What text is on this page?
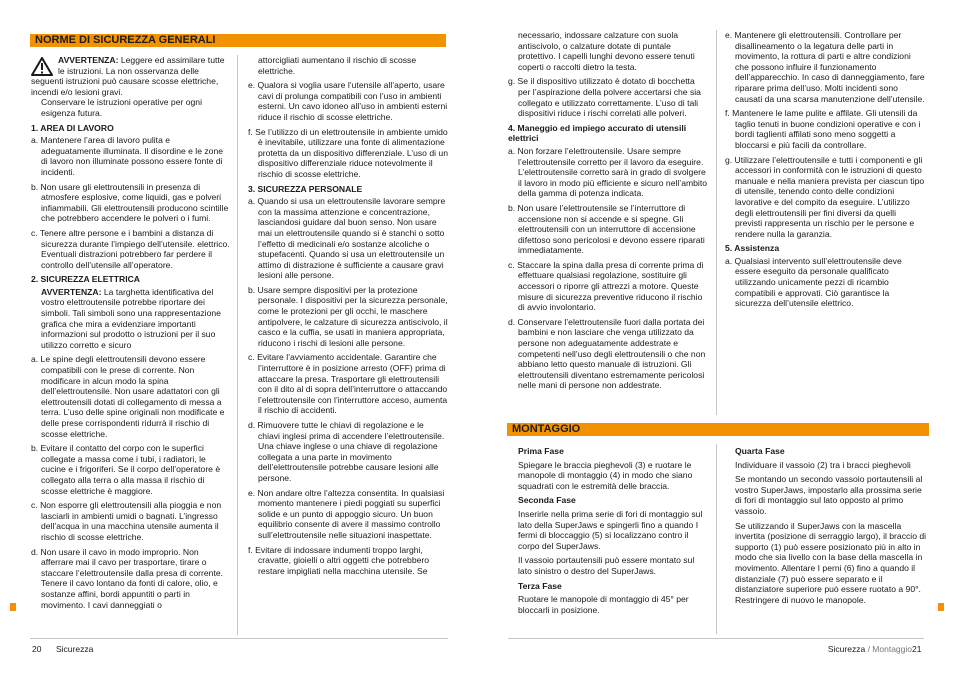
NORME DI SICUREZZA GENERALI
AVVERTENZA: Leggere ed assimilare tutte le istruzioni. La non osservanza delle seguenti istruzioni può causare scosse elettriche, incendi e/o lesioni gravi.

Conservare le istruzioni operative per ogni esigenza futura.

1. AREA DI LAVORO

a. Mantenere l’area di lavoro pulita e adeguatamente illuminata. Il disordine e le zone di lavoro non illuminate possono essere fonte di incidenti.

b. Non usare gli elettroutensili in presenza di atmosfere esplosive, come liquidi, gas e polveri infiammabili. Gli elettroutensili producono scintille che potrebbero accendere le polveri o i fumi.

c. Tenere altre persone e i bambini a distanza di sicurezza durante l’impiego dell’utensile. elettrico. Eventuali distrazioni potrebbero far perdere il controllo dell’utensile all’operatore.

2. SICUREZZA ELETTRICA

AVVERTENZA: La targhetta identificativa del vostro elettroutensile potrebbe riportare dei simboli. Tali simboli sono una rappresentazione grafica che mira a evidenziare importanti informazioni sul prodotto o istruzioni per il suo utilizzo corretto e sicuro

a. Le spine degli elettroutensili devono essere compatibili con le prese di corrente. Non modificare in alcun modo la spina dell’elettroutensile. Non usare adattatori con gli elettroutensili dotati di collegamento di messa a terra. L’uso delle spine originali non modificate e delle prese corrispondenti ridurrà il rischio di scosse elettriche.

b. Evitare il contatto del corpo con le superfici collegate a massa come i tubi, i radiatori, le cucine e i frigoriferi. Se il corpo dell’operatore è collegato alla terra o alla massa il rischio di scosse elettriche è maggiore.

c. Non esporre gli elettroutensili alla pioggia e non lasciarli in ambienti umidi o bagnati. L’ingresso dell’acqua in una macchina utensile aumenta il rischio di scosse elettriche.

d. Non usare il cavo in modo improprio. Non afferrare mai il cavo per trasportare, tirare o staccare l’elettroutensile dalla presa di corrente. Tenere il cavo lontano da fonti di calore, olio, e sostanze affini, bordi appuntiti o parti in movimento. I cavi danneggiati o

attorcigliati aumentano il rischio di scosse elettriche.

e. Qualora si voglia usare l’utensile all’aperto, usare cavi di prolunga compatibili con l’uso in ambienti esterni. Un cavo idoneo all’uso in ambienti esterni riduce il rischio di scosse elettriche.

f. Se l’utilizzo di un elettroutensile in ambiente umido è inevitabile, utilizzare una fonte di alimentazione protetta da un dispositivo differenziale. L’uso di un dispositivo differenziale riduce notevolmente il rischio di scosse elettriche.

3. SICUREZZA PERSONALE

a. Quando si usa un elettroutensile lavorare sempre con la massima attenzione e concentrazione, lasciandosi guidare dal buon senso. Non usare mai un elettroutensile quando si è stanchi o sotto l’effetto di medicinali e/o sostanze alcoliche o stupefacenti. Quando si usa un elettroutensile un attimo di distrazione è sufficiente a causare gravi lesioni alle persone.

b. Usare sempre dispositivi per la protezione personale. I dispositivi per la sicurezza personale, come le protezioni per gli occhi, le maschere antipolvere, le calzature di sicurezza antiscivolo, il casco e la cuffia, se usati in maniera appropriata, riducono i rischi di lesioni alle persone.

c. Evitare l’avviamento accidentale. Garantire che l’interruttore è in posizione arresto (OFF) prima di attaccare la presa. Trasportare gli elettroutensili con il dito al di sopra dell’interruttore o attaccando l’elettroutensile con l’interruttore acceso, aumenta il rischio di accidenti.

d. Rimuovere tutte le chiavi di regolazione e le chiavi inglesi prima di accendere l’elettroutensile. Una chiave inglese o una chiave di regolazione collegata a una parte in movimento dell’elettroutensile potrebbe causare lesioni alle persone.

e. Non andare oltre l’altezza consentita. In qualsiasi momento mantenere i piedi poggiati su superfici solide e un punto di appoggio sicuro. Un buon equilibrio consente di avere il massimo controllo sull’elettroutensile nelle situazioni inaspettate.

f. Evitare di indossare indumenti troppo larghi, cravatte, gioielli o altri oggetti che potrebbero restare impigliati nella macchina utensile. Se

20 Sicurezza

necessario, indossare calzature con suola antiscivolo, o calzature dotate di puntale protettivo. I capelli lunghi devono essere tenuti coperti o raccolti dietro la testa.

g. Se il dispositivo utilizzato è dotato di bocchetta per l’aspirazione della polvere accertarsi che sia collegato e utilizzato correttamente. L’uso di tali dispositivi riduce i rischi correlati alle polveri.

4. Maneggio ed impiego accurato di utensili elettrici

a. Non forzare l’elettroutensile. Usare sempre l’elettroutensile corretto per il lavoro da eseguire. L’elettroutensile corretto sarà in grado di svolgere il lavoro in modo più efficiente e sicuro nell’ambito della gamma di potenza indicata.

b. Non usare l’elettroutensile se l’interruttore di accensione non si accende e si spegne. Gli elettroutensili con un interruttore di accensione difettoso sono pericolosi e devono essere riparati immediatamente.

c. Staccare la spina dalla presa di corrente prima di effettuare qualsiasi regolazione, sostituire gli accessori o riporre gli attrezzi a motore. Queste misure di sicurezza preventive riducono il rischio di avvio involontario.

d. Conservare l’elettroutensile fuori dalla portata dei bambini e non lasciare che venga utilizzato da persone non adeguatamente addestrate e competenti nell’uso degli elettroutensili o che non abbiano letto questo manuale di istruzioni. Gli elettroutensili diventano estremamente pericolosi nelle mani di persone non addestrate.

e. Mantenere gli elettroutensili. Controllare per disallineamento o la legatura delle parti in movimento, la rottura di parti e altre condizioni che possono influire il funzionamento dell’apparecchio. In caso di danneggiamento, fare riparare prima dell’uso. Molti incidenti sono causati da una scarsa manutenzione dell’utensile.

f. Mantenere le lame pulite e affilate. Gli utensili da taglio tenuti in buone condizioni operative e con i bordi taglienti affilati sono meno soggetti a bloccarsi e più facili da controllare.

g. Utilizzare l’elettroutensile e tutti i componenti e gli accessori in conformità con le istruzioni di questo manuale e nella maniera prevista per ciascun tipo di utensile, tenendo conto delle condizioni lavorative e del compito da eseguire. L’utilizzo degli elettroutensili per fini diversi da quelli previsti rappresenta un rischio per le persone e rendere nulla la garanzia.

5. Assistenza

a. Qualsiasi intervento sull’elettroutensile deve essere eseguito da personale qualificato utilizzando unicamente pezzi di ricambio compatibili e approvati. Ciò garantisce la sicurezza dell’utensile elettrico.

MONTAGGIO
Prima Fase

Spiegare le braccia pieghevoli (3) e ruotare le manopole di montaggio (4) in modo che siano squadrati con le estremità delle braccia.

Seconda Fase

Inserirle nella prima serie di fori di montaggio sul lato della SuperJaws e spingerli fino a quando I fermi di bloccaggio (5) si localizzano contro il corpo del SuperJaws.

Il vassoio portautensili può essere montato sul lato sinistro o destro del SuperJaws.

Terza Fase

Ruotare le manopole di montaggio di 45° per bloccarli in posizione.

Quarta Fase

Individuare il vassoio (2) tra i bracci pieghevoli

Se montando un secondo vassoio portautensili al vostro SuperJaws, impostarlo alla prossima serie di fori di montaggio sul lato opposto al primo vassoio.

Se utilizzando il SuperJaws con la mascella invertita (posizione di serraggio largo), il braccio di supporto (1) può essere posizionato più in alto in modo che sia livello con la base della mascella in movimento. Allentare I perni (6) fino a quando il distanziale (7) può essere separato e il distanziatore superiore può essere ruotato a 90°. Restringere di nuovo le manopole.

Sicurezza / Montaggio 21
